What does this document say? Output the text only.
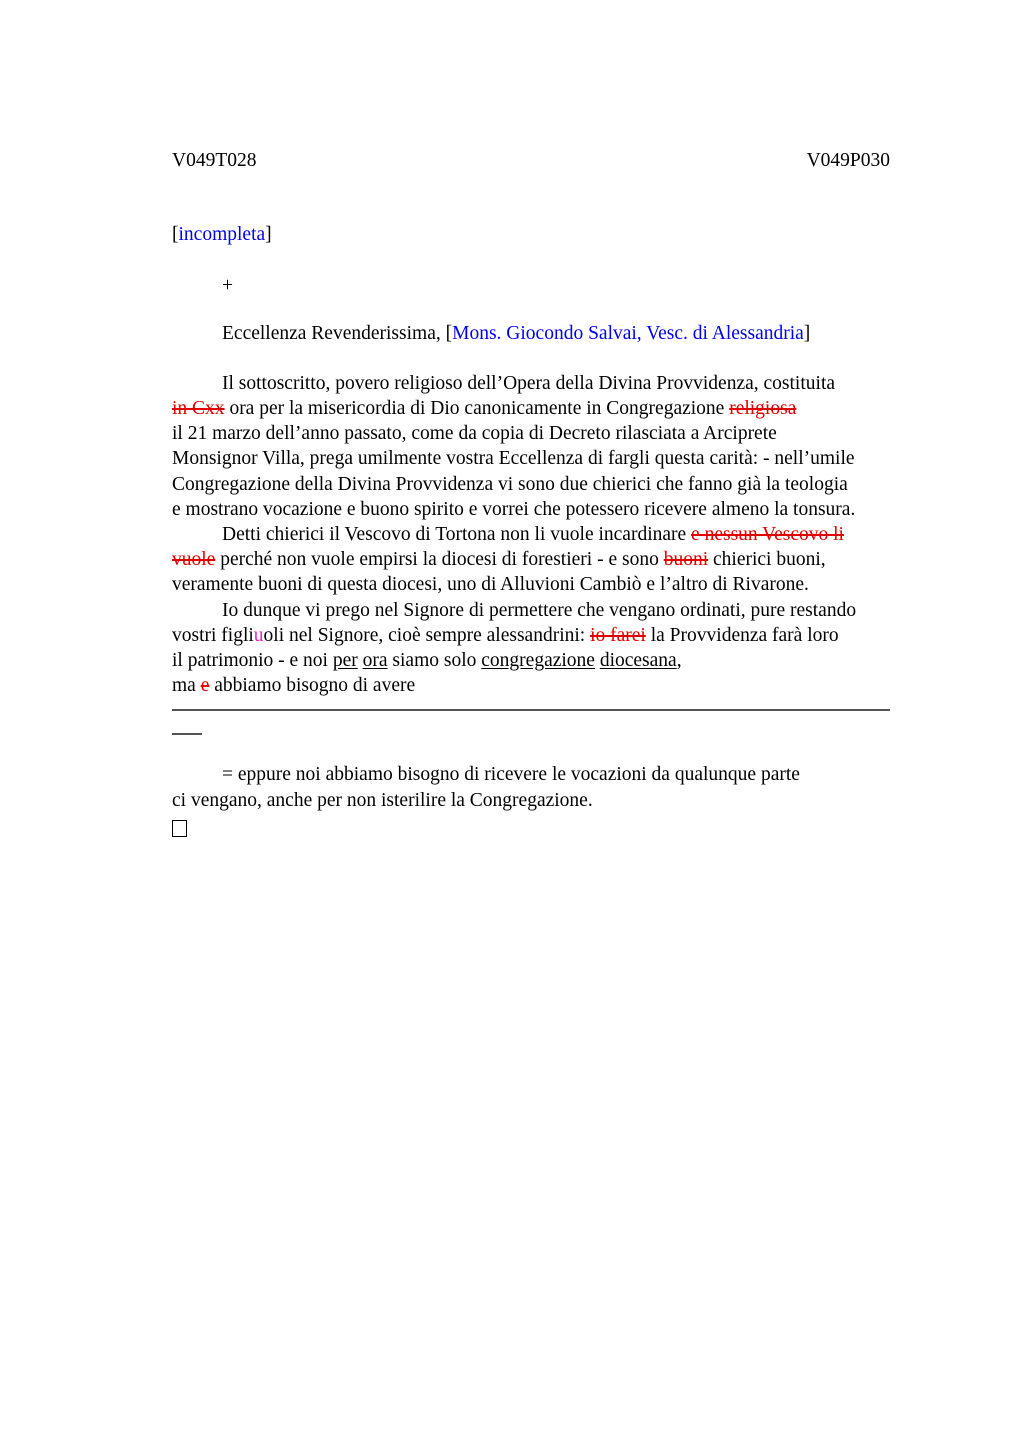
V049T028	V049P030
[incompleta]
+
Eccellenza Revenderissima, [Mons. Giocondo Salvai, Vesc. di Alessandria]
Il sottoscritto, povero religioso dell’Opera della Divina Provvidenza, costituita
in Cxx ora per la misericordia di Dio canonicamente in Congregazione religiosa
il 21 marzo dell’anno passato, come da copia di Decreto rilasciata a Arciprete
Monsignor Villa, prega umilmente vostra Eccellenza di fargli questa carità: - nell’umile
Congregazione della Divina Provvidenza vi sono due chierici che fanno già la teologia
e mostrano vocazione e buono spirito e vorrei che potessero ricevere almeno la tonsura.
Detti chierici il Vescovo di Tortona non li vuole incardinare e nessun Vescovo li
vuole perché non vuole empirsi la diocesi di forestieri - e sono buoni chierici buoni,
veramente buoni di questa diocesi, uno di Alluvioni Cambiò e l’altro di Rivarone.
Io dunque vi prego nel Signore di permettere che vengano ordinati, pure restando
vostri figliuoli nel Signore, cioè sempre alessandrini: io farei la Provvidenza farà loro
il patrimonio - e noi per ora siamo solo congregazione diocesana,
ma e abbiamo bisogno di avere
= eppure noi abbiamo bisogno di ricevere le vocazioni da qualunque parte
ci vengano, anche per non isterilire la Congregazione.
